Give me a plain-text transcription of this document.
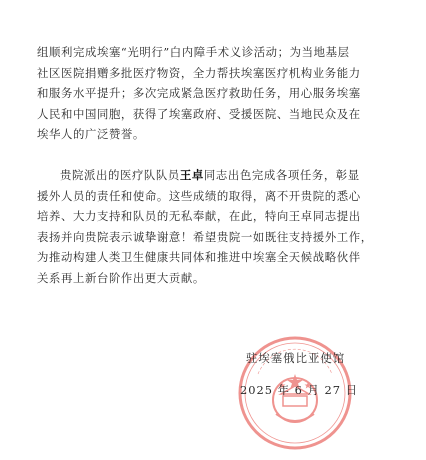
组顺利完成埃塞“光明行”白内障手术义诊活动；为当地基层
社区医院捐赠多批医疗物资，全力帮扶埃塞医疗机构业务能力
和服务水平提升；多次完成紧急医疗救助任务，用心服务埃塞
人民和中国同胞，获得了埃塞政府、受援医院、当地民众及在
埃华人的广泛赞誉。

贵院派出的医疗队队员王卓同志出色完成各项任务，彰显
援外人员的责任和使命。这些成绩的取得，离不开贵院的悉心
培养、大力支持和队员的无私奉献，在此，特向王卓同志提出
表扬并向贵院表示诚挚谢意！希望贵院一如既往支持援外工作，
为推动构建人类卫生健康共同体和推进中埃塞全天候战略伙伴
关系再上新台阶作出更大贡献。

驻埃塞俄比亚使馆
2025 年 6 月 27 日
